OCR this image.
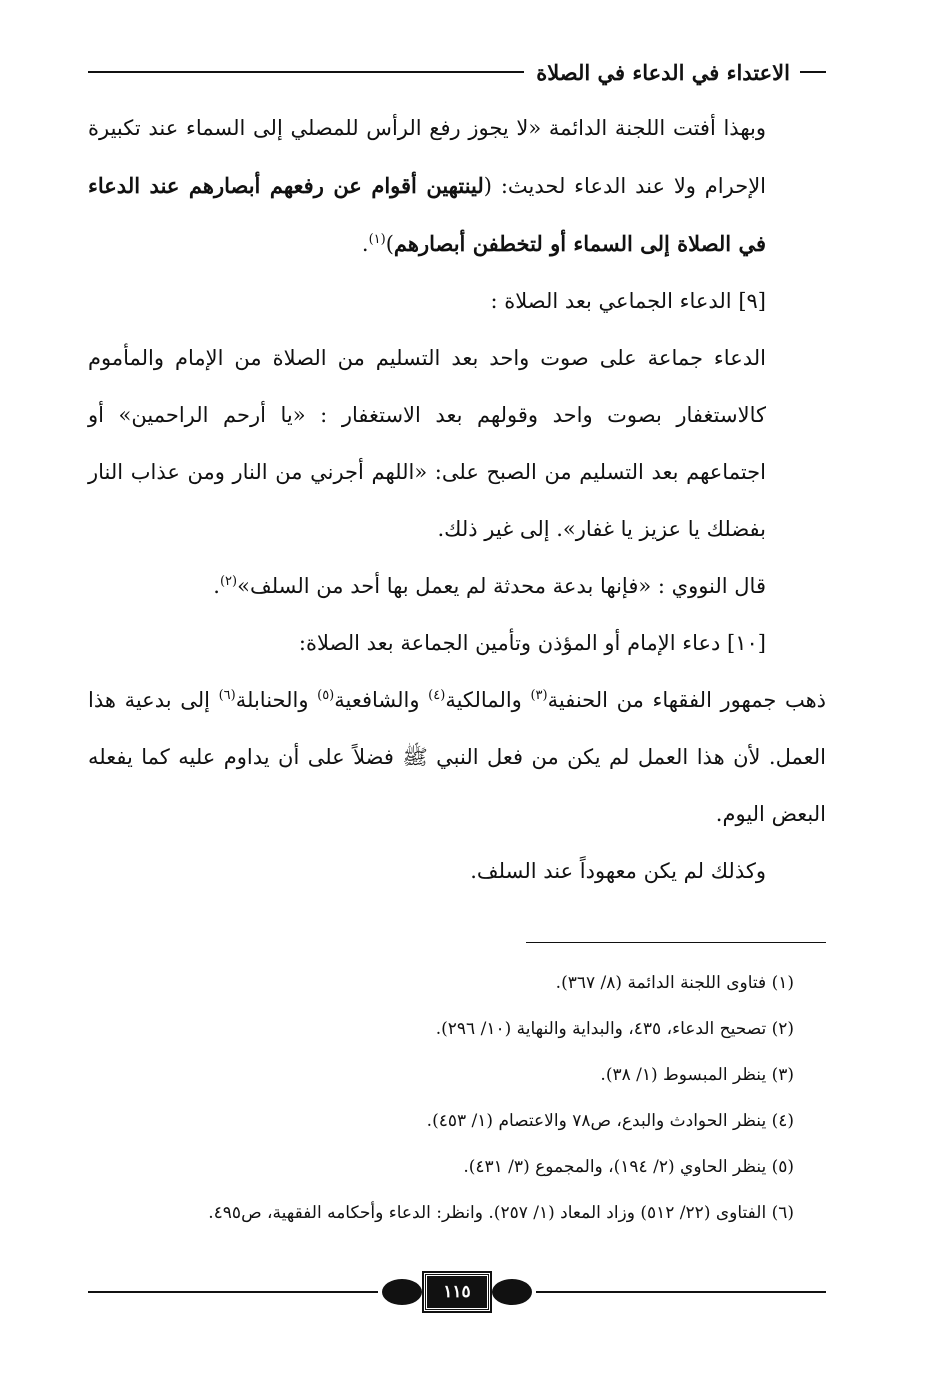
الاعتداء في الدعاء في الصلاة

وبهذا أفتت اللجنة الدائمة «لا يجوز رفع الرأس للمصلي إلى السماء عند تكبيرة الإحرام ولا عند الدعاء لحديث: (لينتهين أقوام عن رفعهم أبصارهم عند الدعاء في الصلاة إلى السماء أو لتخطفن أبصارهم)$^{(١)}$.

[٩] الدعاء الجماعي بعد الصلاة :

الدعاء جماعة على صوت واحد بعد التسليم من الصلاة من الإمام والمأموم كالاستغفار بصوت واحد وقولهم بعد الاستغفار : «يا أرحم الراحمين» أو اجتماعهم بعد التسليم من الصبح على: «اللهم أجرني من النار ومن عذاب النار بفضلك يا عزيز يا غفار». إلى غير ذلك.

قال النووي : «فإنها بدعة محدثة لم يعمل بها أحد من السلف»$^{(٢)}$.

[١٠] دعاء الإمام أو المؤذن وتأمين الجماعة بعد الصلاة:

ذهب جمهور الفقهاء من الحنفية$^{(٣)}$ والمالكية$^{(٤)}$ والشافعية$^{(٥)}$ والحنابلة$^{(٦)}$ إلى بدعية هذا العمل. لأن هذا العمل لم يكن من فعل النبي ﷺ فضلاً على أن يداوم عليه كما يفعله البعض اليوم.

وكذلك لم يكن معهوداً عند السلف.

(١) فتاوى اللجنة الدائمة (٨/ ٣٦٧).

(٢) تصحيح الدعاء، ٤٣٥، والبداية والنهاية (١٠/ ٢٩٦).

(٣) ينظر المبسوط (١/ ٣٨).

(٤) ينظر الحوادث والبدع، ص٧٨ والاعتصام (١/ ٤٥٣).

(٥) ينظر الحاوي (٢/ ١٩٤)، والمجموع (٣/ ٤٣١).

(٦) الفتاوى (٢٢/ ٥١٢) وزاد المعاد (١/ ٢٥٧). وانظر: الدعاء وأحكامه الفقهية، ص٤٩٥.

١١٥
